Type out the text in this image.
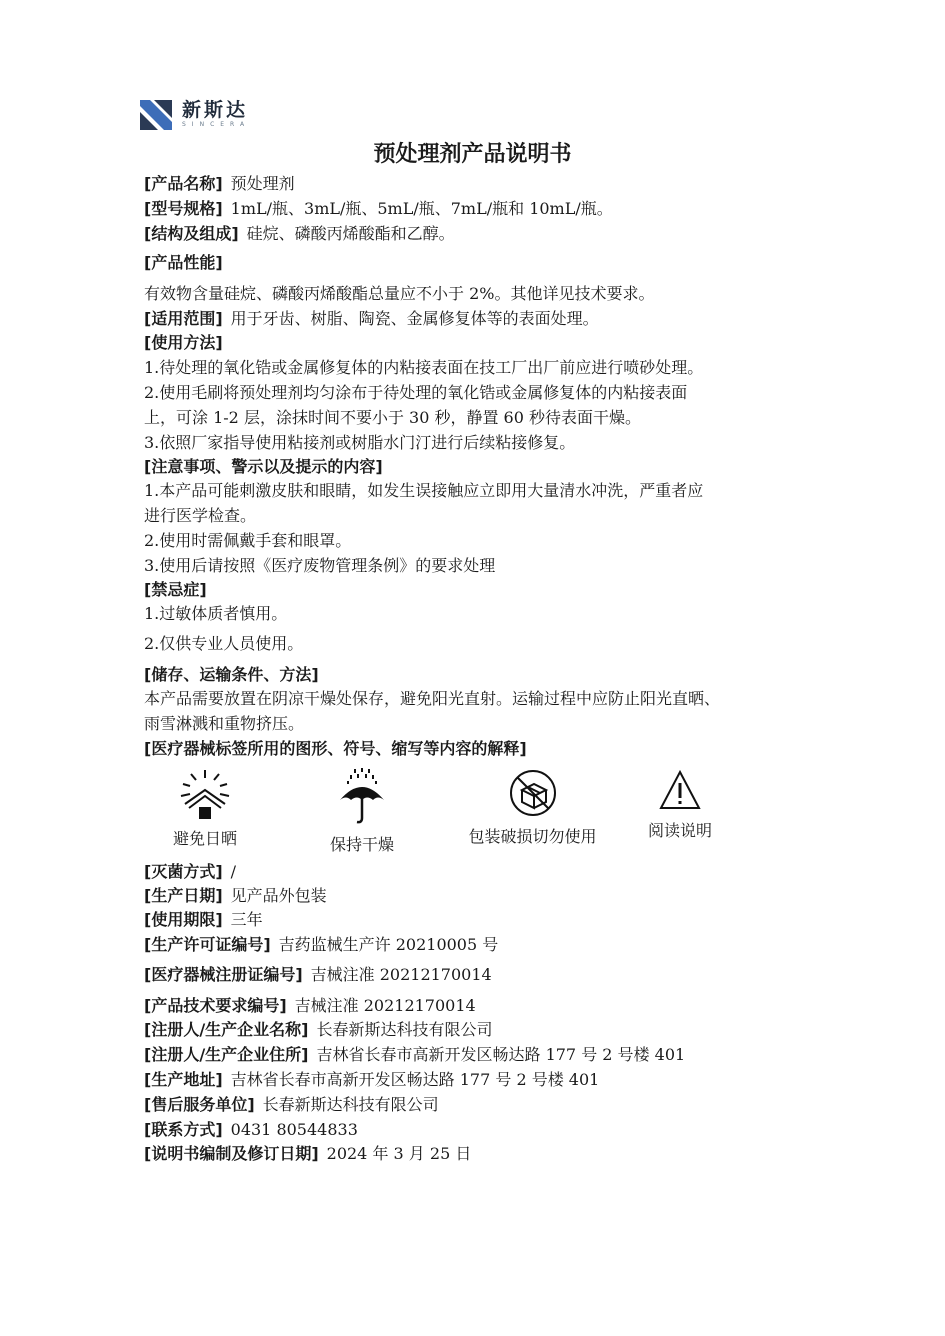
新斯达
SINCERA
预处理剂产品说明书
[产品名称] 预处理剂
[型号规格] 1mL/瓶、3mL/瓶、5mL/瓶、7mL/瓶和 10mL/瓶。
[结构及组成] 硅烷、磷酸丙烯酸酯和乙醇。
[产品性能]
有效物含量硅烷、磷酸丙烯酸酯总量应不小于 2%。其他详见技术要求。
[适用范围] 用于牙齿、树脂、陶瓷、金属修复体等的表面处理。
[使用方法]
1.待处理的氧化锆或金属修复体的内粘接表面在技工厂出厂前应进行喷砂处理。
2.使用毛刷将预处理剂均匀涂布于待处理的氧化锆或金属修复体的内粘接表面
上，可涂 1-2 层，涂抹时间不要小于 30 秒，静置 60 秒待表面干燥。
3.依照厂家指导使用粘接剂或树脂水门汀进行后续粘接修复。
[注意事项、警示以及提示的内容]
1.本产品可能刺激皮肤和眼睛，如发生误接触应立即用大量清水冲洗，严重者应
进行医学检查。
2.使用时需佩戴手套和眼罩。
3.使用后请按照《医疗废物管理条例》的要求处理
[禁忌症]
1.过敏体质者慎用。
2.仅供专业人员使用。
[储存、运输条件、方法]
本产品需要放置在阴凉干燥处保存，避免阳光直射。运输过程中应防止阳光直晒、
雨雪淋溅和重物挤压。
[医疗器械标签所用的图形、符号、缩写等内容的解释]
避免日晒	保持干燥	包装破损切勿使用	阅读说明
[灭菌方式] /
[生产日期] 见产品外包装
[使用期限] 三年
[生产许可证编号] 吉药监械生产许 20210005 号
[医疗器械注册证编号] 吉械注准 20212170014
[产品技术要求编号] 吉械注准 20212170014
[注册人/生产企业名称] 长春新斯达科技有限公司
[注册人/生产企业住所] 吉林省长春市高新开发区畅达路 177 号 2 号楼 401
[生产地址] 吉林省长春市高新开发区畅达路 177 号 2 号楼 401
[售后服务单位] 长春新斯达科技有限公司
[联系方式] 0431 80544833
[说明书编制及修订日期] 2024 年 3 月 25 日
